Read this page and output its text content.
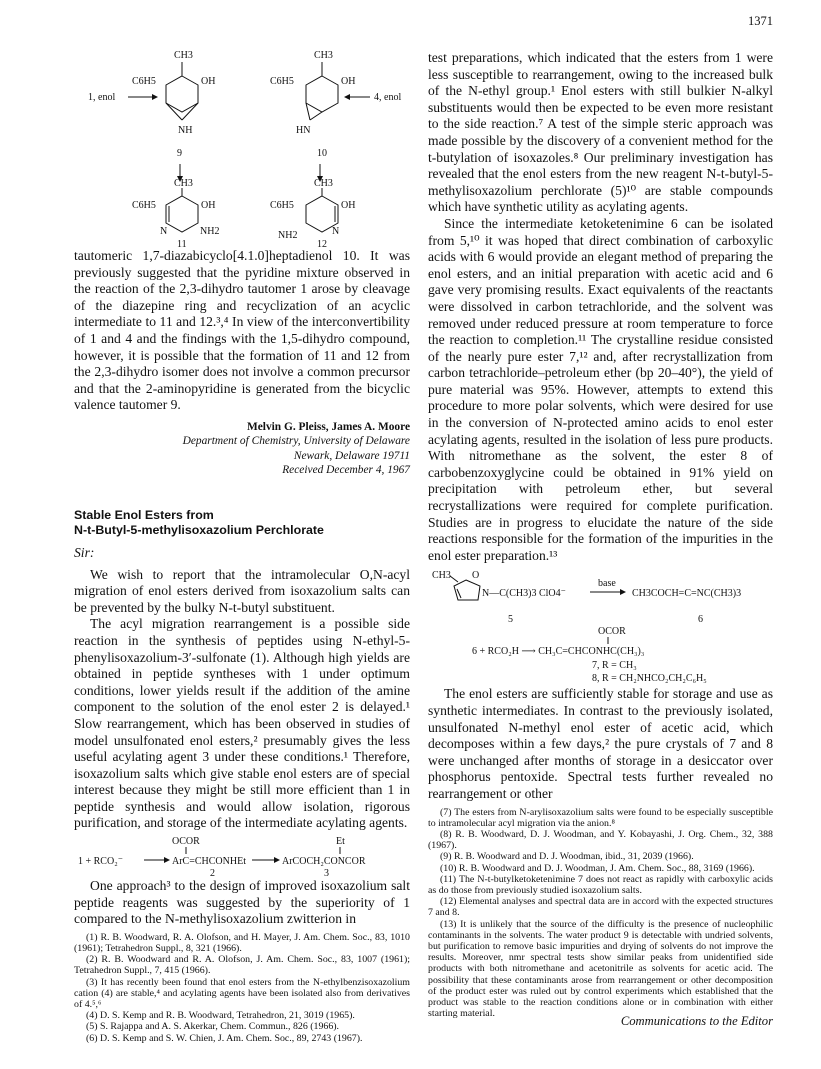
1371
CH3
C6H5	OH
NH
1, enol
9
CH3
C6H5	OH
HN
4, enol
10
CH3
C6H5	OH
N	NH2
11
CH3
C6H5	OH
NH2	N
12

tautomeric 1,7-diazabicyclo[4.1.0]heptadienol 10. It was previously suggested that the pyridine mixture observed in the reaction of the 2,3-dihydro tautomer 1 arose by cleavage of the diazepine ring and recyclization of an acyclic intermediate to 11 and 12.³,⁴ In view of the interconvertibility of 1 and 4 and the findings with the 1,5-dihydro compound, however, it is possible that the formation of 11 and 12 from the 2,3-dihydro isomer does not involve a common precursor and that the 2-aminopyridine is generated from the bicyclic valence tautomer 9.

Melvin G. Pleiss, James A. Moore
Department of Chemistry, University of Delaware
Newark, Delaware 19711
Received December 4, 1967
Stable Enol Esters from
N-t-Butyl-5-methylisoxazolium Perchlorate

Sir:

We wish to report that the intramolecular O,N-acyl migration of enol esters derived from isoxazolium salts can be prevented by the bulky N-t-butyl substituent.

The acyl migration rearrangement is a possible side reaction in the synthesis of peptides using N-ethyl-5-phenylisoxazolium-3′-sulfonate (1). Although high yields are obtained in peptide syntheses with 1 under optimum conditions, lower yields result if the addition of the amine component to the solution of the enol ester 2 is delayed.¹ Slow rearrangement, which has been observed in studies of model unsulfonated enol esters,² presumably gives the less useful acylating agent 3 under these conditions.¹ Therefore, isoxazolium salts which give stable enol esters are of special interest because they might be still more efficient than 1 in peptide synthesis and would allow isolation, rigorous purification, and storage of the intermediate acylating agents.

OCOR	Et
1 + RCO₂⁻	ArC=CHCONHEt	ArCOCH₂CONCOR
2	3

One approach³ to the design of improved isoxazolium salt peptide reagents was suggested by the superiority of 1 compared to the N-methylisoxazolium zwitterion in

(1) R. B. Woodward, R. A. Olofson, and H. Mayer, J. Am. Chem. Soc., 83, 1010 (1961); Tetrahedron Suppl., 8, 321 (1966).

(2) R. B. Woodward and R. A. Olofson, J. Am. Chem. Soc., 83, 1007 (1961); Tetrahedron Suppl., 7, 415 (1966).

(3) It has recently been found that enol esters from the N-ethylbenzisoxazolium cation (4) are stable,⁴ and acylating agents have been isolated also from derivatives of 4.⁵,⁶

(4) D. S. Kemp and R. B. Woodward, Tetrahedron, 21, 3019 (1965).

(5) S. Rajappa and A. S. Akerkar, Chem. Commun., 826 (1966).

(6) D. S. Kemp and S. W. Chien, J. Am. Chem. Soc., 89, 2743 (1967).

test preparations, which indicated that the esters from 1 were less susceptible to rearrangement, owing to the increased bulk of the N-ethyl group.¹ Enol esters with still bulkier N-alkyl substituents would then be expected to be even more resistant to the side reaction.⁷ A test of the simple steric approach was made possible by the discovery of a convenient method for the t-butylation of isoxazoles.⁸ Our preliminary investigation has revealed that the enol esters from the new reagent N-t-butyl-5-methylisoxazolium perchlorate (5)¹⁰ are stable compounds which have synthetic utility as acylating agents.

Since the intermediate ketoketenimine 6 can be isolated from 5,¹⁰ it was hoped that direct combination of carboxylic acids with 6 would provide an elegant method of preparing the enol esters, and an initial preparation with acetic acid and 6 gave very promising results. Exact equivalents of the reactants were dissolved in carbon tetrachloride, and the solvent was removed under reduced pressure at room temperature to force the reaction to completion.¹¹ The crystalline residue consisted of the nearly pure ester 7,¹² and, after recrystallization from carbon tetrachloride–petroleum ether (bp 20–40°), the yield of pure material was 95%. However, attempts to extend this procedure to more polar solvents, which were desired for use in the conversion of N-protected amino acids to enol ester acylating agents, resulted in the isolation of less pure products. With nitromethane as the solvent, the ester 8 of carbobenzoxyglycine could be obtained in 91% yield on precipitation with petroleum ether, but several recrystallizations were required for complete purification. Studies are in progress to elucidate the nature of the side reactions responsible for the formation of the impurities in the enol ester preparation.¹³

CH3 O
N—C(CH3)3 ClO4⁻
base
CH3COCH=C=NC(CH3)3
5	6
OCOR
6 + RCO₂H ⟶ CH₃C=CHCONHC(CH₃)₃
7, R = CH₃
8, R = CH₂NHCO₂CH₂C₆H₅

The enol esters are sufficiently stable for storage and use as synthetic intermediates. In contrast to the previously isolated, unsulfonated N-methyl enol ester of acetic acid, which decomposes within a few days,² the pure crystals of 7 and 8 were unchanged after months of storage in a desiccator over phosphorus pentoxide. Spectral tests further revealed no rearrangement or other

(7) The esters from N-arylisoxazolium salts were found to be especially susceptible to intramolecular acyl migration via the anion.⁸

(8) R. B. Woodward, D. J. Woodman, and Y. Kobayashi, J. Org. Chem., 32, 388 (1967).

(9) R. B. Woodward and D. J. Woodman, ibid., 31, 2039 (1966).

(10) R. B. Woodward and D. J. Woodman, J. Am. Chem. Soc., 88, 3169 (1966).

(11) The N-t-butylketoketenimine 7 does not react as rapidly with carboxylic acids as do those from previously studied isoxazolium salts.

(12) Elemental analyses and spectral data are in accord with the expected structures 7 and 8.

(13) It is unlikely that the source of the difficulty is the presence of nucleophilic contaminants in the solvents. The water product 9 is detectable with undried solvents, but purification to remove basic impurities and drying of solvents do not improve the results. Moreover, nmr spectral tests show similar peaks from unidentified side products with both nitromethane and acetonitrile as solvents for acetic acid. The possibility that these contaminants arose from rearrangement or other decomposition of the product ester was ruled out by control experiments which established that the product was stable to the reaction conditions alone or in combination with either starting material.

Communications to the Editor
